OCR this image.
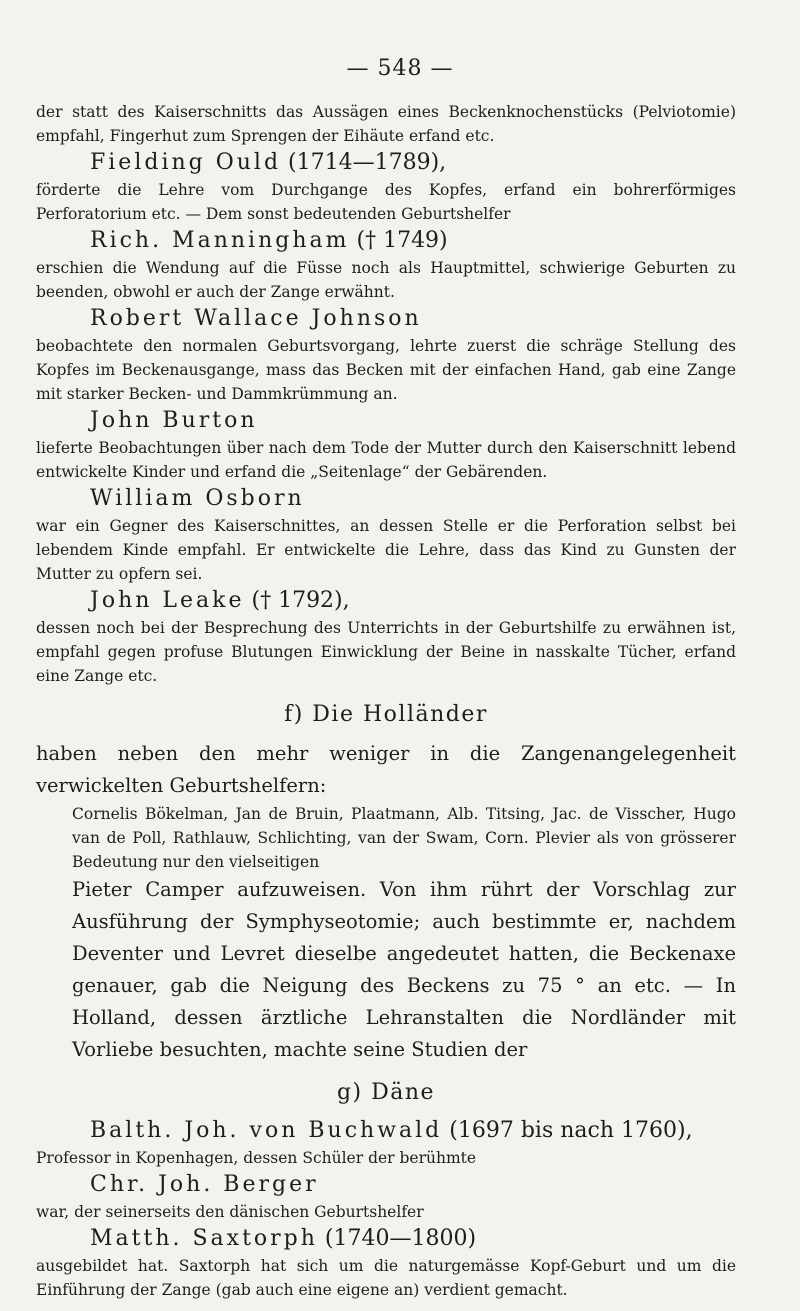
— 548 —

der statt des Kaiserschnitts das Aussägen eines Beckenknochenstücks (Pelviotomie) empfahl, Fingerhut zum Sprengen der Eihäute erfand etc.

Fielding Ould (1714—1789),

förderte die Lehre vom Durchgange des Kopfes, erfand ein bohrerförmiges Perforatorium etc. — Dem sonst bedeutenden Geburtshelfer

Rich. Manningham († 1749)

erschien die Wendung auf die Füsse noch als Hauptmittel, schwierige Geburten zu beenden, obwohl er auch der Zange erwähnt.

Robert Wallace Johnson

beobachtete den normalen Geburtsvorgang, lehrte zuerst die schräge Stellung des Kopfes im Beckenausgange, mass das Becken mit der einfachen Hand, gab eine Zange mit starker Becken- und Dammkrümmung an.

John Burton

lieferte Beobachtungen über nach dem Tode der Mutter durch den Kaiserschnitt lebend entwickelte Kinder und erfand die „Seitenlage“ der Gebärenden.

William Osborn

war ein Gegner des Kaiserschnittes, an dessen Stelle er die Perforation selbst bei lebendem Kinde empfahl. Er entwickelte die Lehre, dass das Kind zu Gunsten der Mutter zu opfern sei.

John Leake († 1792),

dessen noch bei der Besprechung des Unterrichts in der Geburtshilfe zu erwähnen ist, empfahl gegen profuse Blutungen Einwicklung der Beine in nasskalte Tücher, erfand eine Zange etc.

f) Die Holländer

haben neben den mehr weniger in die Zangenangelegenheit verwickelten Geburtshelfern:

Cornelis Bökelman, Jan de Bruin, Plaatmann, Alb. Titsing, Jac. de Visscher, Hugo van de Poll, Rathlauw, Schlichting, van der Swam, Corn. Plevier als von grösserer Bedeutung nur den vielseitigen

Pieter Camper aufzuweisen. Von ihm rührt der Vorschlag zur Ausführung der Symphyseotomie; auch bestimmte er, nachdem Deventer und Levret dieselbe angedeutet hatten, die Beckenaxe genauer, gab die Neigung des Beckens zu 75 ° an etc. — In Holland, dessen ärztliche Lehranstalten die Nordländer mit Vorliebe besuchten, machte seine Studien der

g) Däne
Balth. Joh. von Buchwald (1697 bis nach 1760),

Professor in Kopenhagen, dessen Schüler der berühmte

Chr. Joh. Berger

war, der seinerseits den dänischen Geburtshelfer

Matth. Saxtorph (1740—1800)

ausgebildet hat. Saxtorph hat sich um die naturgemässe Kopf-Geburt und um die Einführung der Zange (gab auch eine eigene an) verdient gemacht.
